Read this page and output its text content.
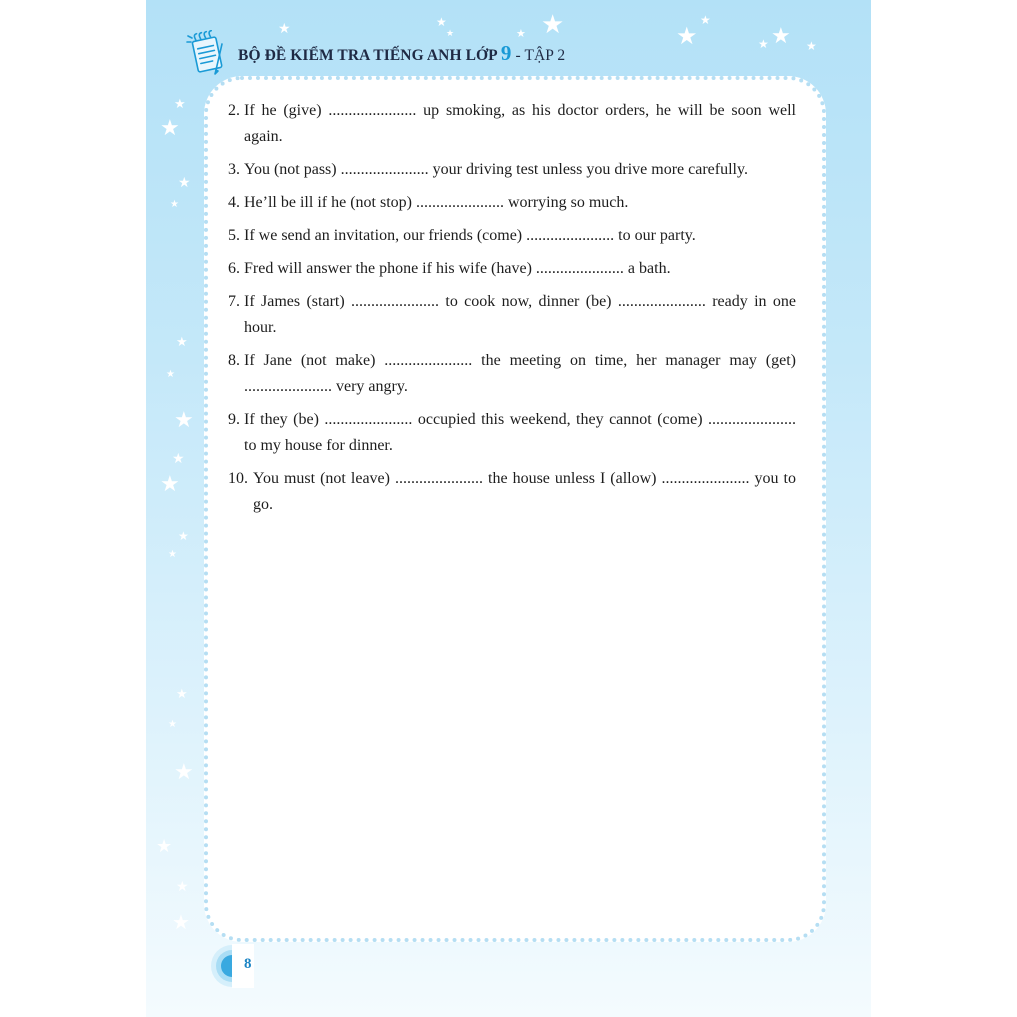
★	★
★ ★	★
★
★ ★ ★
★
★
★
★
★
★
★
★
★
★
★
★
★
★
★
★
★
★
BỘ ĐỀ KIỂM TRA TIẾNG ANH LỚP 9 - TẬP 2
2. If he (give) ...................... up smoking, as his doctor orders, he will be soon well again.
3. You (not pass) ...................... your driving test unless you drive more carefully.
4. He’ll be ill if he (not stop) ...................... worrying so much.
5. If we send an invitation, our friends (come) ...................... to our party.
6. Fred will answer the phone if his wife (have) ...................... a bath.
7. If James (start) ...................... to cook now, dinner (be) ...................... ready in one hour.
8. If Jane (not make) ...................... the meeting on time, her manager may (get) ...................... very angry.
9. If they (be) ...................... occupied this weekend, they cannot (come) ...................... to my house for dinner.
10. You must (not leave) ...................... the house unless I (allow) ...................... you to go.
8
